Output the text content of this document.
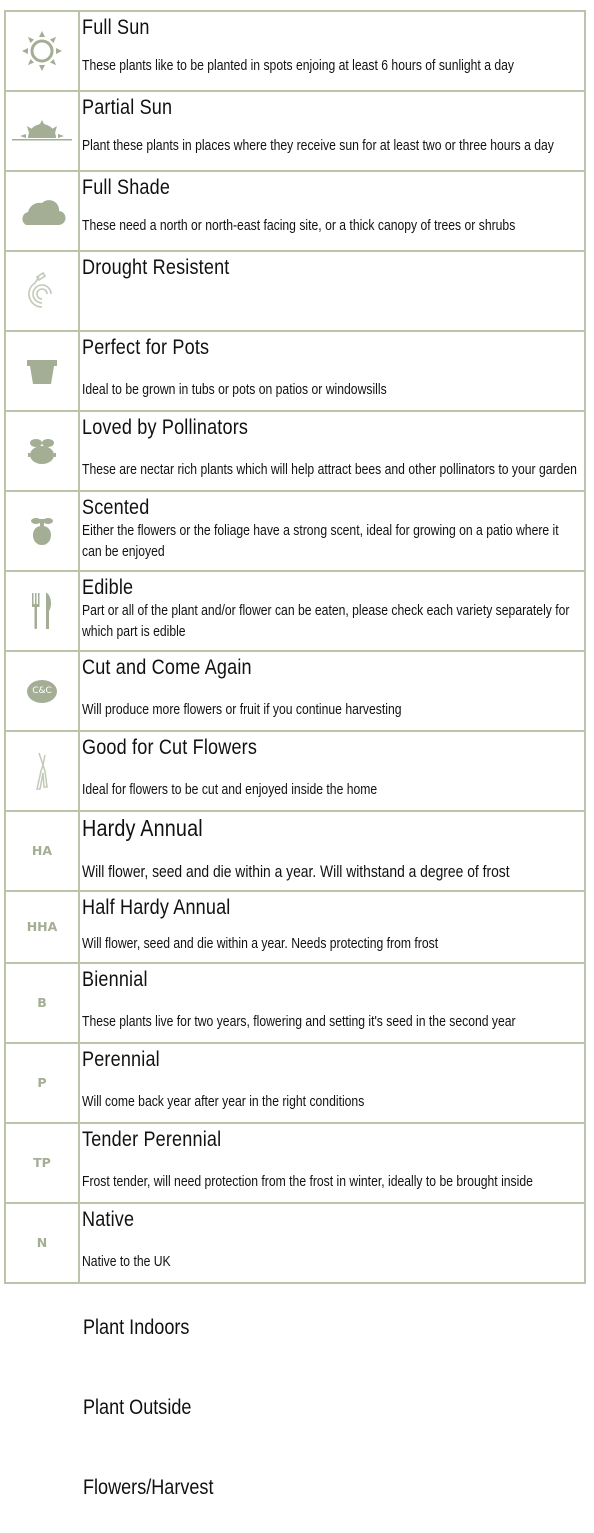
Full Sun
These plants like to be planted in spots enjoing at least 6 hours of sunlight a day

Partial Sun
Plant these plants in places where they receive sun for at least two or three hours a day

Full Shade
These need a north or north-east facing site, or a thick canopy of trees or shrubs

Drought Resistent

Perfect for Pots
Ideal to be grown in tubs or pots on patios or windowsills

Loved by Pollinators
These are nectar rich plants which will help attract bees and other pollinators to your garden

Scented
Either the flowers or the foliage have a strong scent, ideal for growing on a patio where it can be enjoyed

Edible
Part or all of the plant and/or flower can be eaten, please check each variety separately for which part is edible

C&C	Cut and Come Again
Will produce more flowers or fruit if you continue harvesting

Good for Cut Flowers
Ideal for flowers to be cut and enjoyed inside the home

HA	Hardy Annual
Will flower, seed and die within a year. Will withstand a degree of frost

HHA	Half Hardy Annual
Will flower, seed and die within a year. Needs protecting from frost

B	Biennial
These plants live for two years, flowering and setting it's seed in the second year

P	Perennial
Will come back year after year in the right conditions

TP	Tender Perennial
Frost tender, will need protection from the frost in winter, ideally to be brought inside

N	Native
Native to the UK
Plant Indoors
Plant Outside
Flowers/Harvest
